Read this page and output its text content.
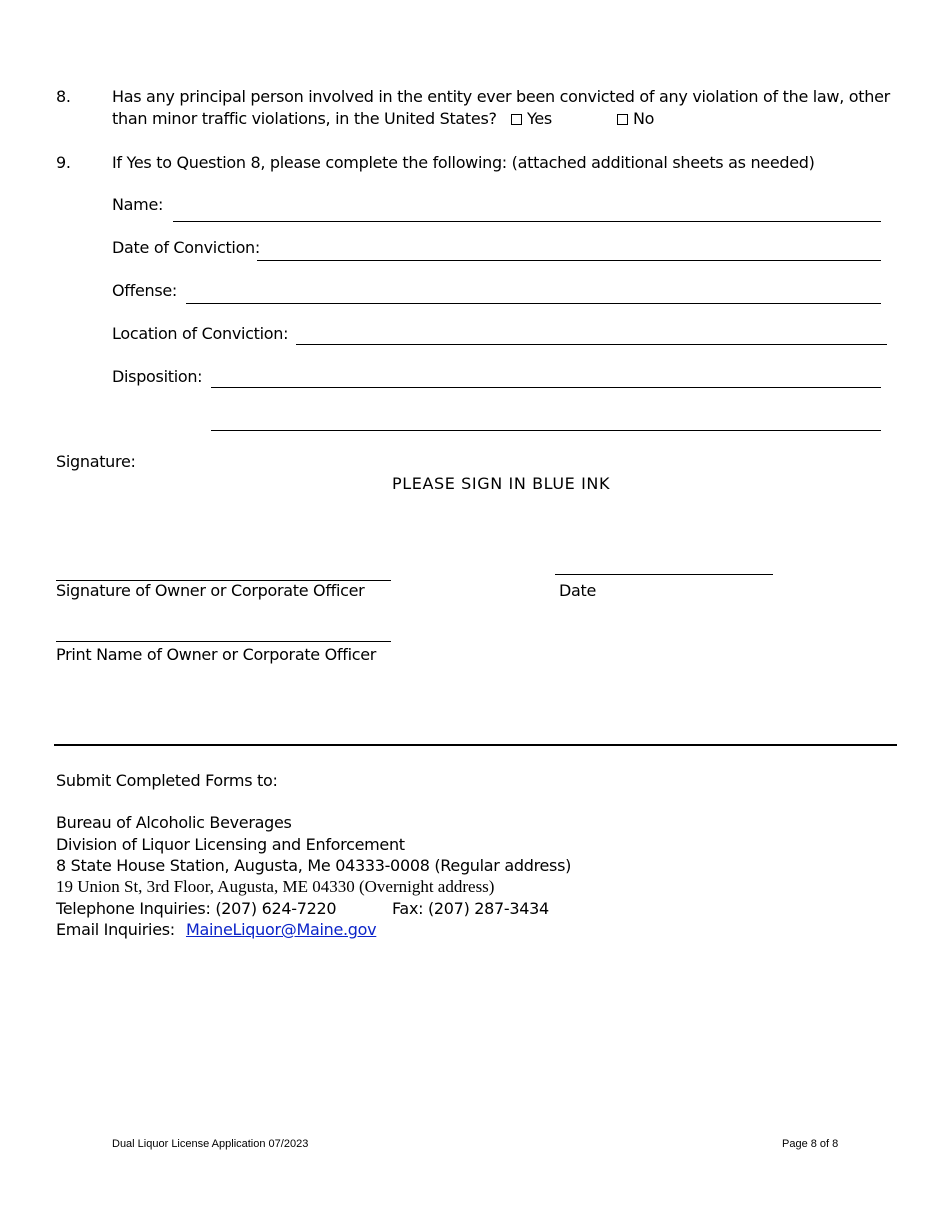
8.	Has any principal person involved in the entity ever been convicted of any violation of the law, other
than minor traffic violations, in the United States?	Yes	No
9.	If Yes to Question 8, please complete the following: (attached additional sheets as needed)
Name:
Date of Conviction:
Offense:
Location of Conviction:
Disposition:
Signature:
PLEASE SIGN IN BLUE INK
Signature of Owner or Corporate Officer	Date
Print Name of Owner or Corporate Officer
Submit Completed Forms to:
Bureau of Alcoholic Beverages
Division of Liquor Licensing and Enforcement
8 State House Station, Augusta, Me 04333-0008 (Regular address)
19 Union St, 3rd Floor, Augusta, ME 04330 (Overnight address)
Telephone Inquiries: (207) 624-7220	Fax: (207) 287-3434
Email Inquiries: MaineLiquor@Maine.gov
Dual Liquor License Application 07/2023	Page 8 of 8
